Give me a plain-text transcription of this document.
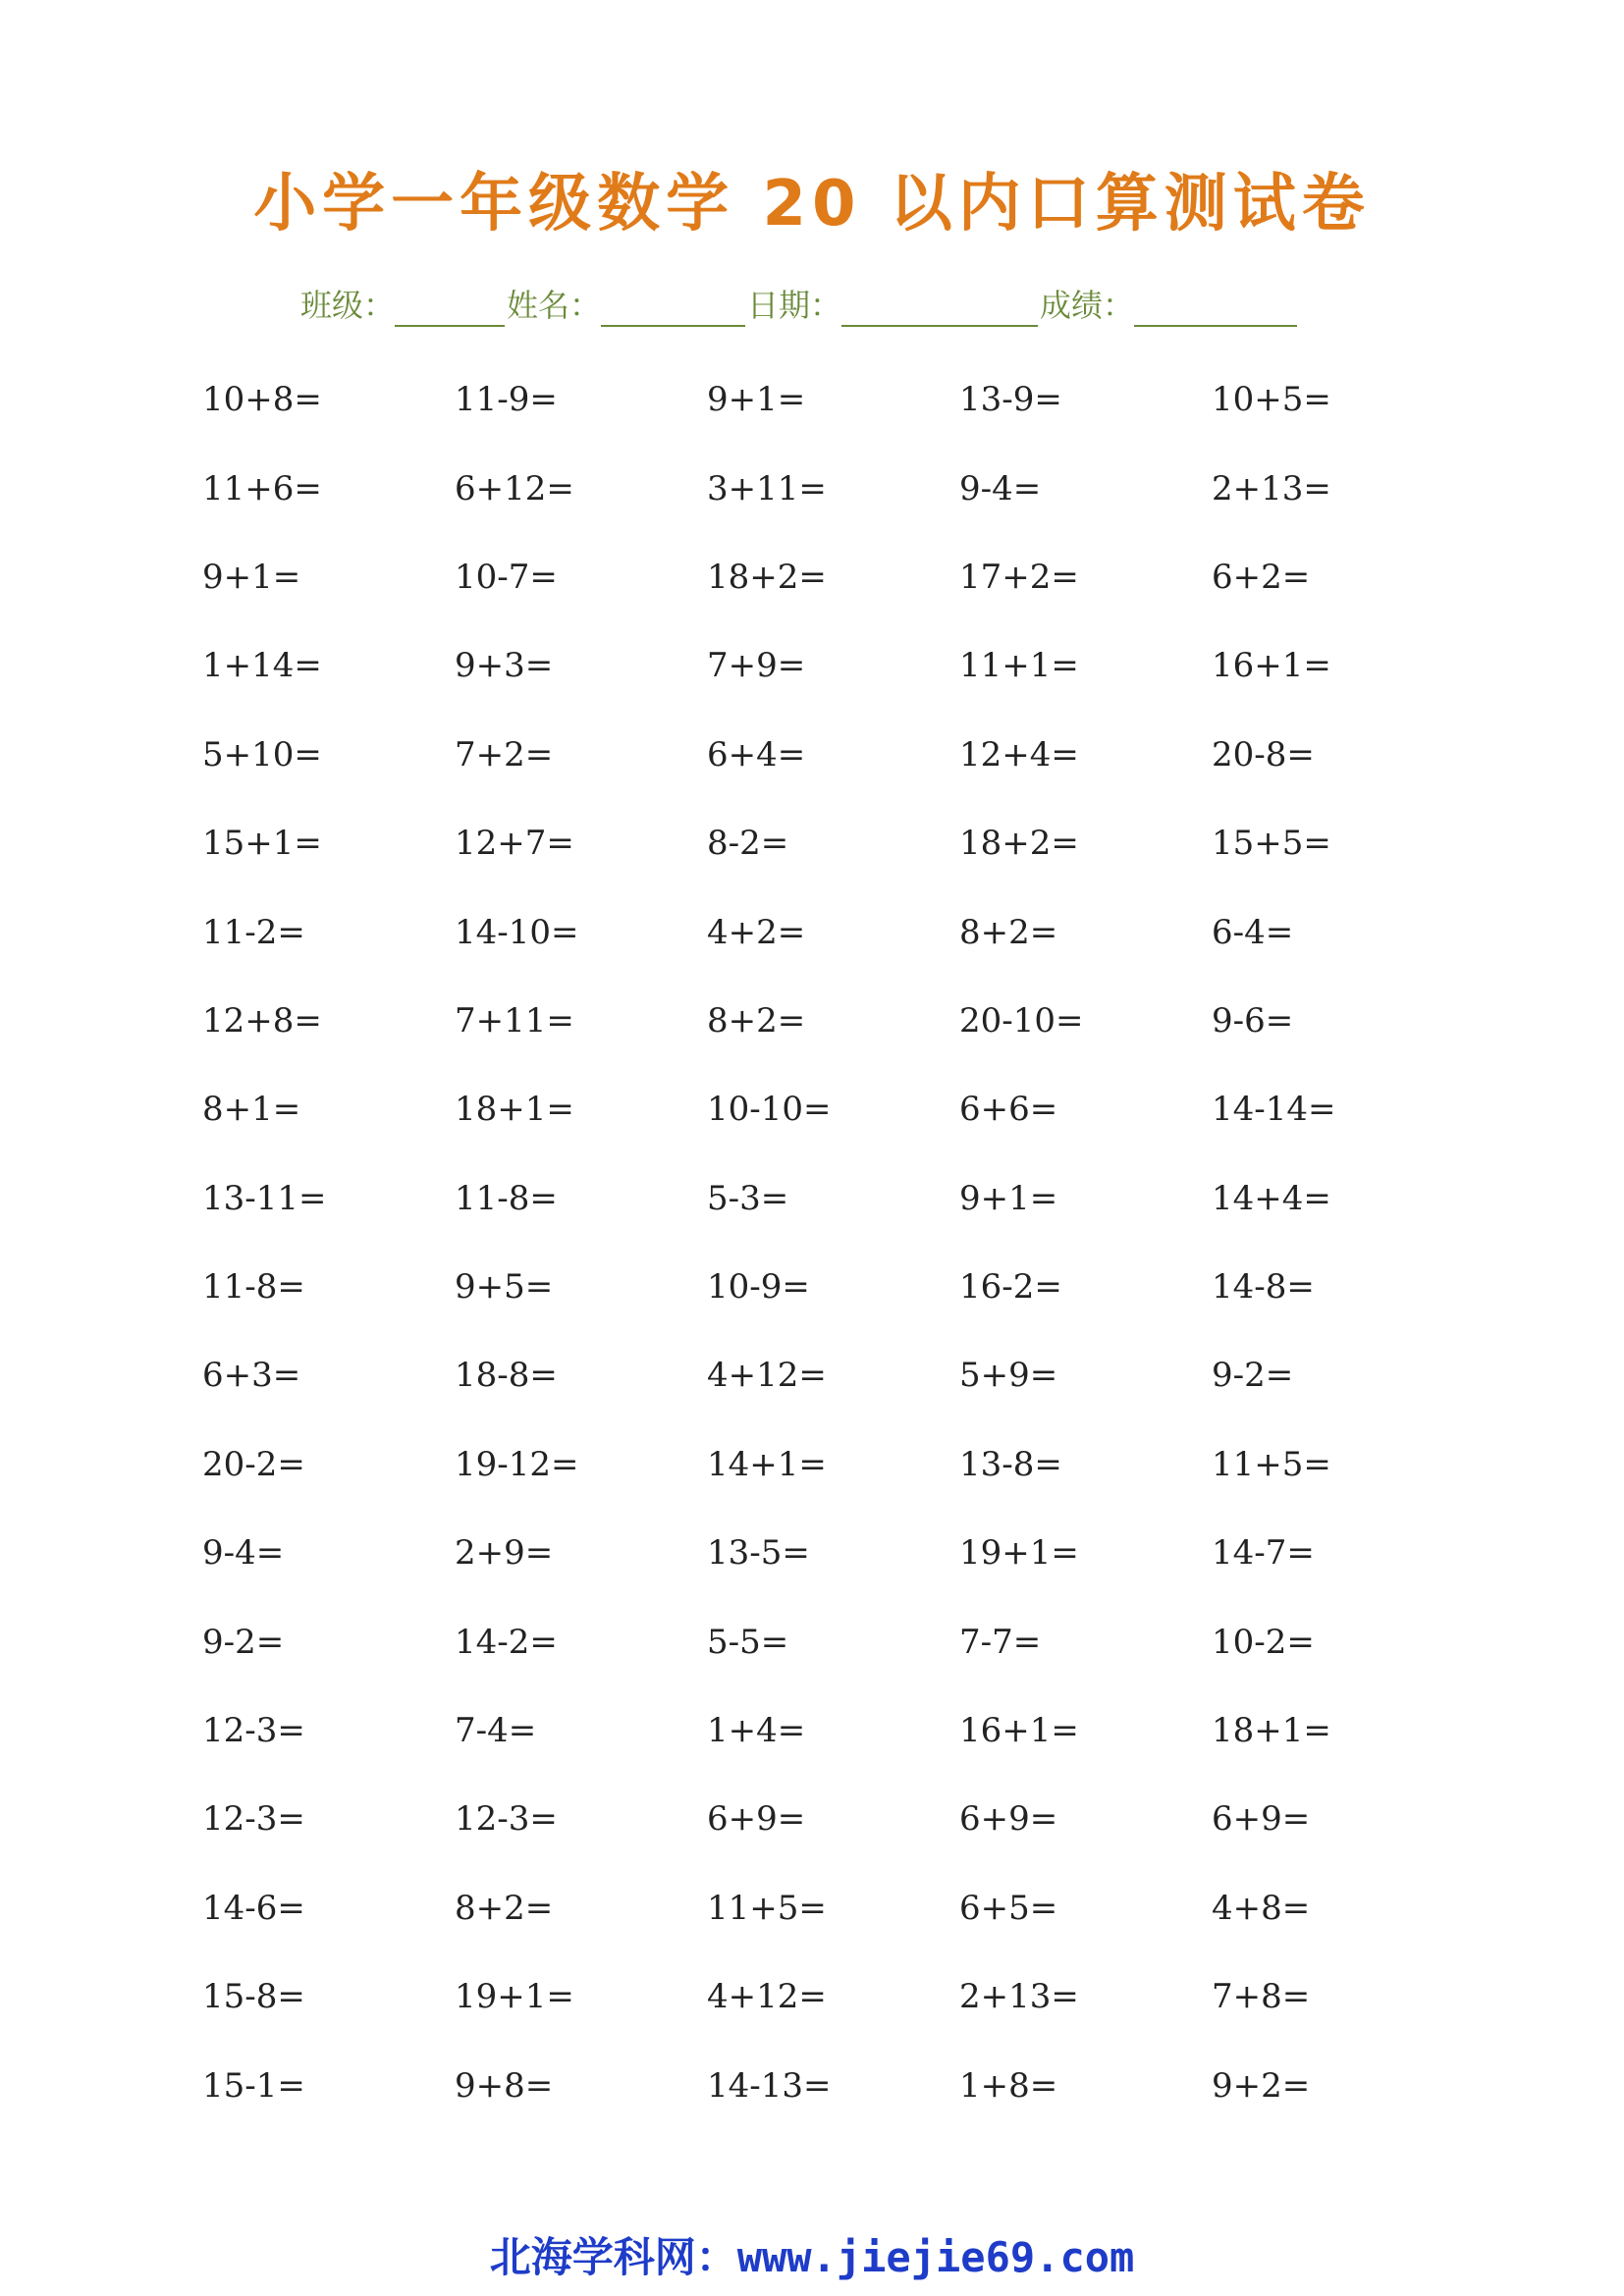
小学一年级数学 20 以内口算测试卷
班级：	姓名：	日期：	成绩：
10+8=	11-9=	9+1=	13-9=	10+5=
11+6=	6+12=	3+11=	9-4=	2+13=
9+1=	10-7=	18+2=	17+2=	6+2=
1+14=	9+3=	7+9=	11+1=	16+1=
5+10=	7+2=	6+4=	12+4=	20-8=
15+1=	12+7=	8-2=	18+2=	15+5=
11-2=	14-10=	4+2=	8+2=	6-4=
12+8=	7+11=	8+2=	20-10=	9-6=
8+1=	18+1=	10-10=	6+6=	14-14=
13-11=	11-8=	5-3=	9+1=	14+4=
11-8=	9+5=	10-9=	16-2=	14-8=
6+3=	18-8=	4+12=	5+9=	9-2=
20-2=	19-12=	14+1=	13-8=	11+5=
9-4=	2+9=	13-5=	19+1=	14-7=
9-2=	14-2=	5-5=	7-7=	10-2=
12-3=	7-4=	1+4=	16+1=	18+1=
12-3=	12-3=	6+9=	6+9=	6+9=
14-6=	8+2=	11+5=	6+5=	4+8=
15-8=	19+1=	4+12=	2+13=	7+8=
15-1=	9+8=	14-13=	1+8=	9+2=
北海学科网：www.jiejie69.com
